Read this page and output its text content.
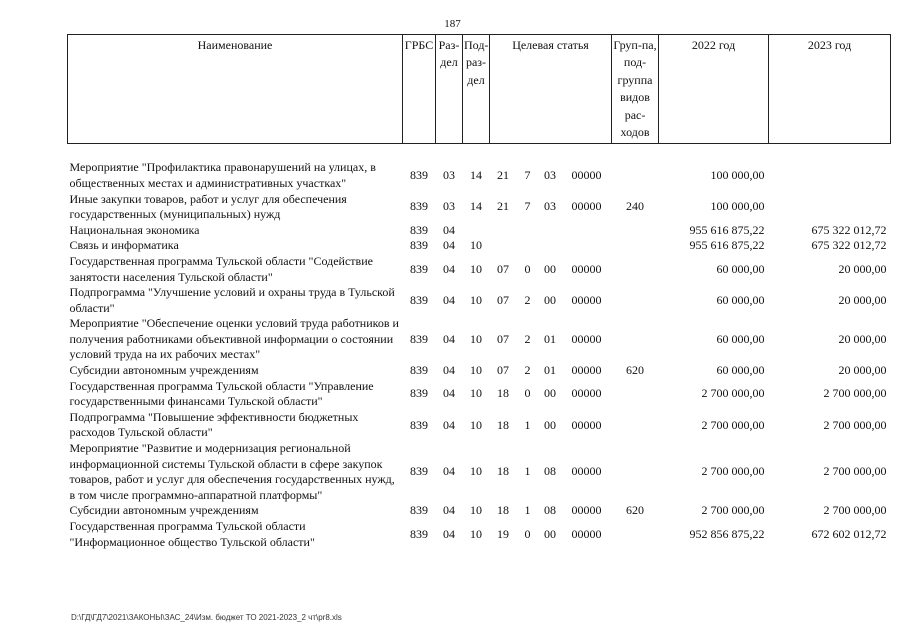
187
Наименование	ГРБС	Раз-дел	Под-раз-дел	Целевая статья				Груп-па, под-группа видов рас-ходов	2022 год	2023 год
Мероприятие "Профилактика правонарушений на улицах, в общественных местах и административных участках"	839	03	14	21	7	03	00000		100 000,00	
Иные закупки товаров, работ и услуг для обеспечения государственных (муниципальных) нужд	839	03	14	21	7	03	00000	240	100 000,00	
Национальная экономика	839	04							955 616 875,22	675 322 012,72
Связь и информатика	839	04	10						955 616 875,22	675 322 012,72
Государственная программа Тульской области "Содействие занятости населения Тульской области"	839	04	10	07	0	00	00000		60 000,00	20 000,00
Подпрограмма "Улучшение условий и охраны труда в Тульской области"	839	04	10	07	2	00	00000		60 000,00	20 000,00
Мероприятие "Обеспечение оценки условий труда работников и получения работниками объективной информации о состоянии условий труда на их рабочих местах"	839	04	10	07	2	01	00000		60 000,00	20 000,00
Субсидии автономным учреждениям	839	04	10	07	2	01	00000	620	60 000,00	20 000,00
Государственная программа Тульской области "Управление государственными финансами Тульской области"	839	04	10	18	0	00	00000		2 700 000,00	2 700 000,00
Подпрограмма "Повышение эффективности бюджетных расходов Тульской области"	839	04	10	18	1	00	00000		2 700 000,00	2 700 000,00
Мероприятие "Развитие и модернизация региональной информационной системы Тульской области в сфере закупок товаров, работ и услуг для обеспечения государственных нужд, в том числе программно-аппаратной платформы"	839	04	10	18	1	08	00000		2 700 000,00	2 700 000,00
Субсидии автономным учреждениям	839	04	10	18	1	08	00000	620	2 700 000,00	2 700 000,00
Государственная программа Тульской области "Информационное общество Тульской области"	839	04	10	19	0	00	00000		952 856 875,22	672 602 012,72
D:\ГД\ГД7\2021\ЗАКОНЫ\ЗАС_24\Изм. бюджет ТО 2021-2023_2 чт\pr8.xls
